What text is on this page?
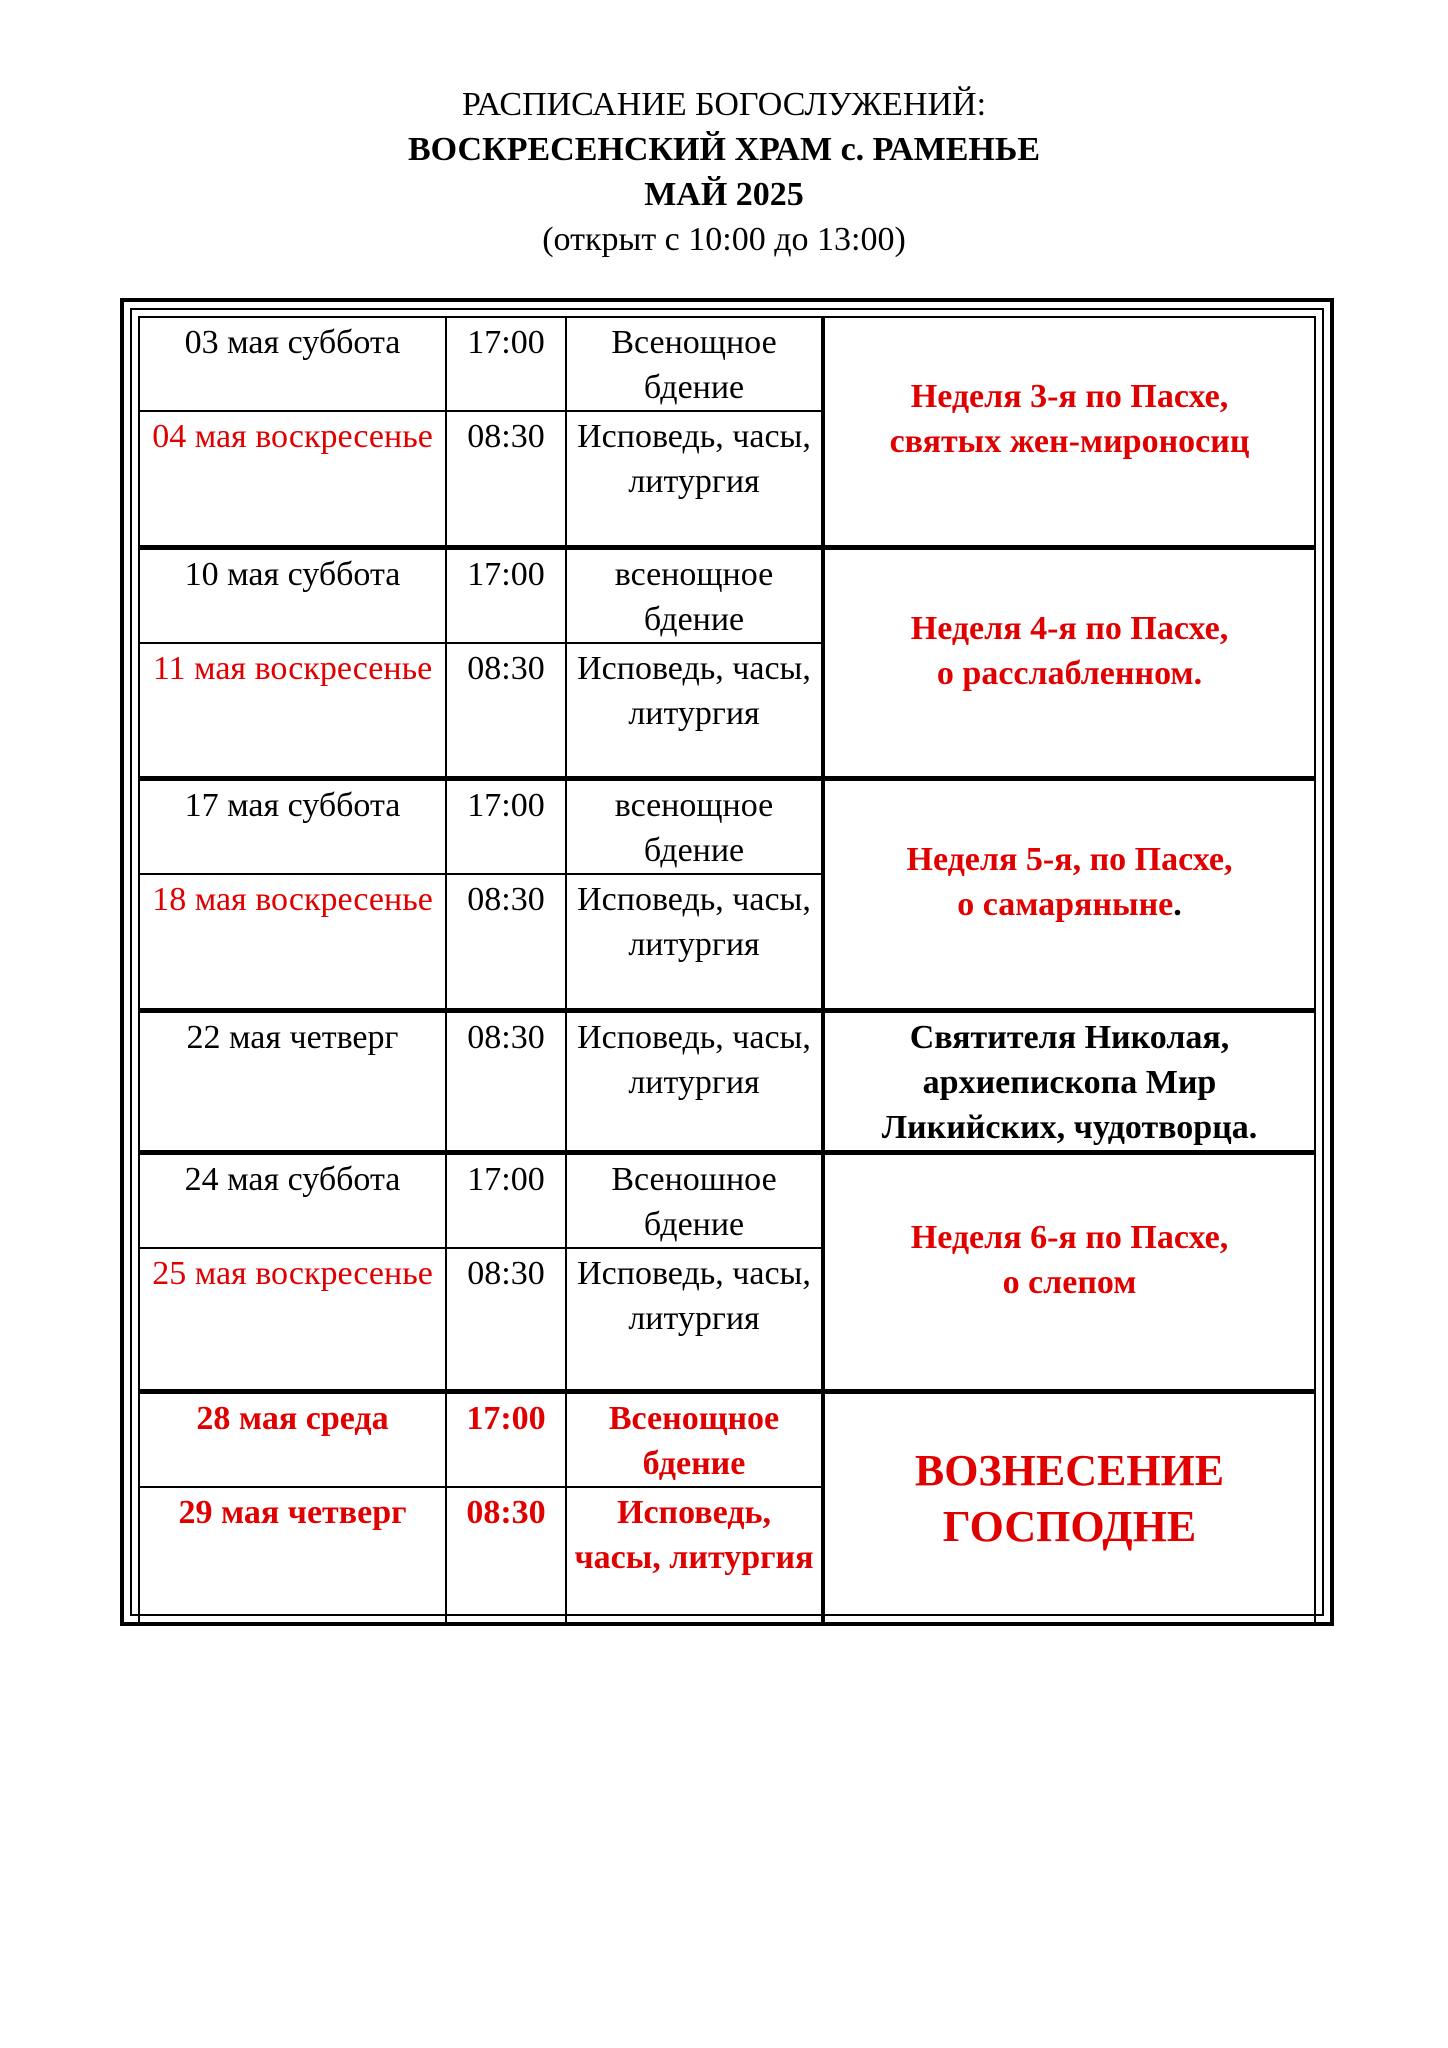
РАСПИСАНИЕ БОГОСЛУЖЕНИЙ:
ВОСКРЕСЕНСКИЙ ХРАМ с. РАМЕНЬЕ
МАЙ 2025
(открыт с 10:00 до 13:00)
03 мая суббота	17:00	Всенощное бдение	Неделя 3-я по Пасхе,
святых жен-мироносиц

04 мая воскресенье	08:30	Исповедь, часы, литургия	
10 мая суббота	17:00	всенощное бдение	Неделя 4-я по Пасхе,
о расслабленном.

11 мая воскресенье	08:30	Исповедь, часы, литургия	
17 мая суббота	17:00	всенощное бдение	Неделя 5-я, по Пасхе,
о самаряныне.

18 мая воскресенье	08:30	Исповедь, часы, литургия	
22 мая четверг	08:30	Исповедь, часы, литургия	Святителя Николая,
архиепископа Мир
Ликийских, чудотворца.
24 мая суббота	17:00	Всеношное бдение	Неделя 6-я по Пасхе,
о слепом

25 мая воскресенье	08:30	Исповедь, часы, литургия	
28 мая среда	17:00	Всенощное бдение	ВОЗНЕСЕНИЕ
ГОСПОДНЕ

29 мая четверг	08:30	Исповедь, часы, литургия	
